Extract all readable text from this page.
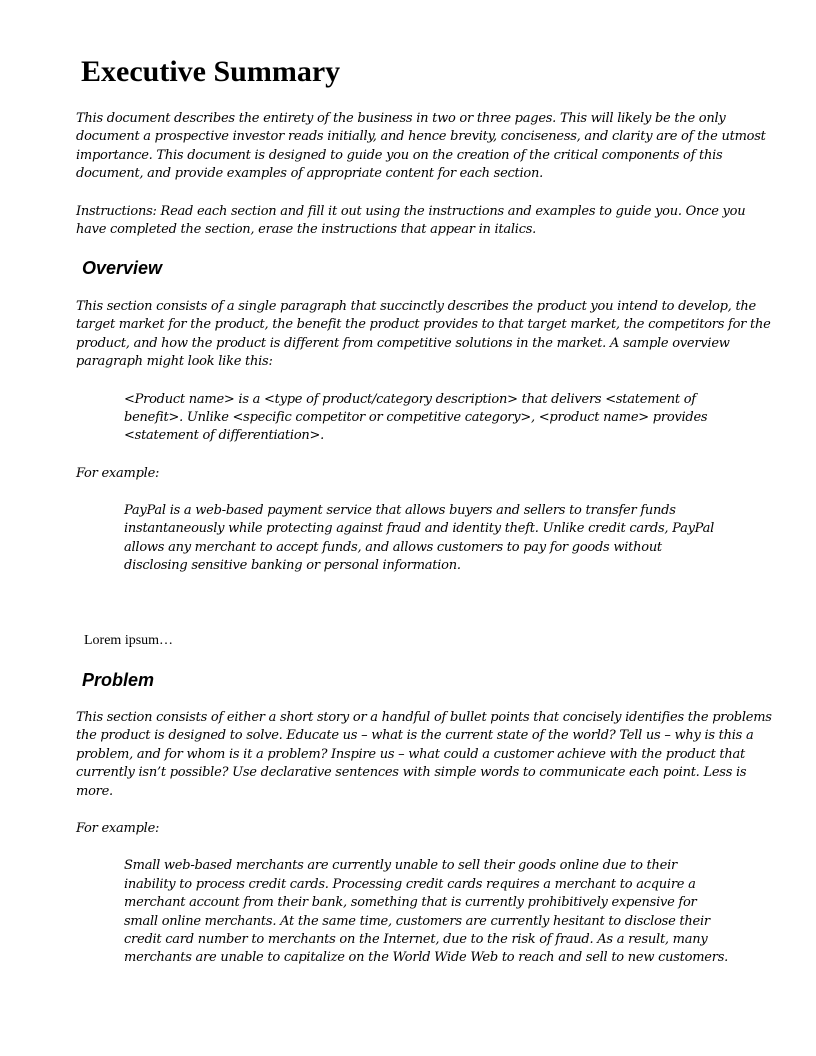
Executive Summary
This document describes the entirety of the business in two or three pages. This will likely be the only
document a prospective investor reads initially, and hence brevity, conciseness, and clarity are of the utmost
importance. This document is designed to guide you on the creation of the critical components of this
document, and provide examples of appropriate content for each section.
Instructions: Read each section and fill it out using the instructions and examples to guide you. Once you
have completed the section, erase the instructions that appear in italics.
Overview
This section consists of a single paragraph that succinctly describes the product you intend to develop, the
target market for the product, the benefit the product provides to that target market, the competitors for the
product, and how the product is different from competitive solutions in the market. A sample overview
paragraph might look like this:
<Product name> is a <type of product/category description> that delivers <statement of
benefit>. Unlike <specific competitor or competitive category>, <product name> provides
<statement of differentiation>.
For example:
PayPal is a web-based payment service that allows buyers and sellers to transfer funds
instantaneously while protecting against fraud and identity theft. Unlike credit cards, PayPal
allows any merchant to accept funds, and allows customers to pay for goods without
disclosing sensitive banking or personal information.
Lorem ipsum…
Problem
This section consists of either a short story or a handful of bullet points that concisely identifies the problems
the product is designed to solve. Educate us – what is the current state of the world? Tell us – why is this a
problem, and for whom is it a problem? Inspire us – what could a customer achieve with the product that
currently isn’t possible? Use declarative sentences with simple words to communicate each point. Less is
more.
For example:
Small web-based merchants are currently unable to sell their goods online due to their
inability to process credit cards. Processing credit cards requires a merchant to acquire a
merchant account from their bank, something that is currently prohibitively expensive for
small online merchants. At the same time, customers are currently hesitant to disclose their
credit card number to merchants on the Internet, due to the risk of fraud. As a result, many
merchants are unable to capitalize on the World Wide Web to reach and sell to new customers.
